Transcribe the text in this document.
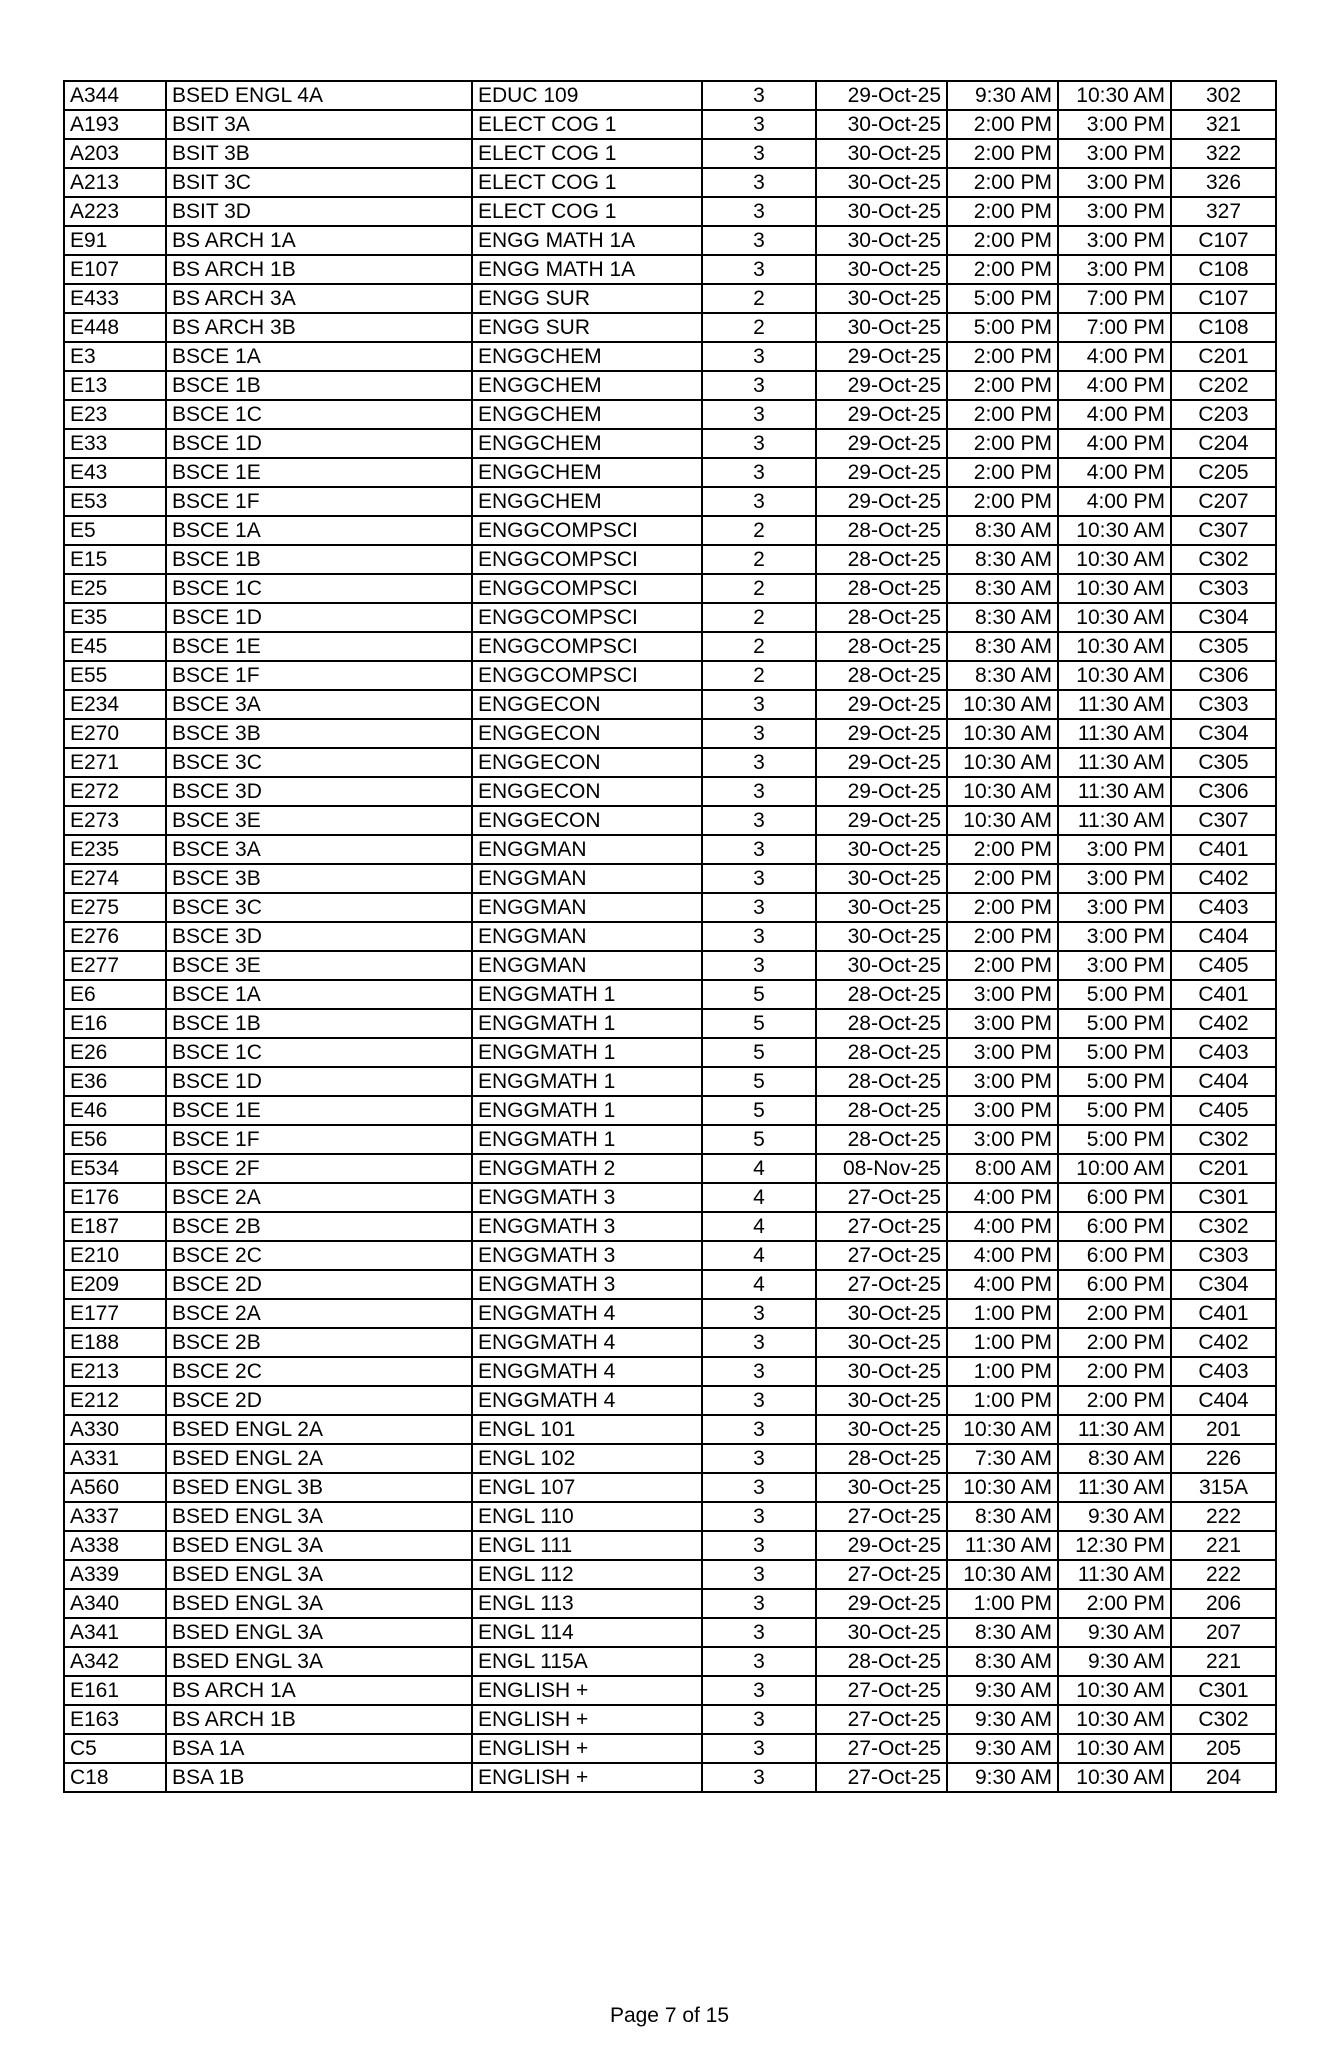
A344	BSED ENGL 4A	EDUC 109	3	29-Oct-25	9:30 AM	10:30 AM	302
A193	BSIT 3A	ELECT COG 1	3	30-Oct-25	2:00 PM	3:00 PM	321
A203	BSIT 3B	ELECT COG 1	3	30-Oct-25	2:00 PM	3:00 PM	322
A213	BSIT 3C	ELECT COG 1	3	30-Oct-25	2:00 PM	3:00 PM	326
A223	BSIT 3D	ELECT COG 1	3	30-Oct-25	2:00 PM	3:00 PM	327
E91	BS ARCH 1A	ENGG MATH 1A	3	30-Oct-25	2:00 PM	3:00 PM	C107
E107	BS ARCH 1B	ENGG MATH 1A	3	30-Oct-25	2:00 PM	3:00 PM	C108
E433	BS ARCH 3A	ENGG SUR	2	30-Oct-25	5:00 PM	7:00 PM	C107
E448	BS ARCH 3B	ENGG SUR	2	30-Oct-25	5:00 PM	7:00 PM	C108
E3	BSCE 1A	ENGGCHEM	3	29-Oct-25	2:00 PM	4:00 PM	C201
E13	BSCE 1B	ENGGCHEM	3	29-Oct-25	2:00 PM	4:00 PM	C202
E23	BSCE 1C	ENGGCHEM	3	29-Oct-25	2:00 PM	4:00 PM	C203
E33	BSCE 1D	ENGGCHEM	3	29-Oct-25	2:00 PM	4:00 PM	C204
E43	BSCE 1E	ENGGCHEM	3	29-Oct-25	2:00 PM	4:00 PM	C205
E53	BSCE 1F	ENGGCHEM	3	29-Oct-25	2:00 PM	4:00 PM	C207
E5	BSCE 1A	ENGGCOMPSCI	2	28-Oct-25	8:30 AM	10:30 AM	C307
E15	BSCE 1B	ENGGCOMPSCI	2	28-Oct-25	8:30 AM	10:30 AM	C302
E25	BSCE 1C	ENGGCOMPSCI	2	28-Oct-25	8:30 AM	10:30 AM	C303
E35	BSCE 1D	ENGGCOMPSCI	2	28-Oct-25	8:30 AM	10:30 AM	C304
E45	BSCE 1E	ENGGCOMPSCI	2	28-Oct-25	8:30 AM	10:30 AM	C305
E55	BSCE 1F	ENGGCOMPSCI	2	28-Oct-25	8:30 AM	10:30 AM	C306
E234	BSCE 3A	ENGGECON	3	29-Oct-25	10:30 AM	11:30 AM	C303
E270	BSCE 3B	ENGGECON	3	29-Oct-25	10:30 AM	11:30 AM	C304
E271	BSCE 3C	ENGGECON	3	29-Oct-25	10:30 AM	11:30 AM	C305
E272	BSCE 3D	ENGGECON	3	29-Oct-25	10:30 AM	11:30 AM	C306
E273	BSCE 3E	ENGGECON	3	29-Oct-25	10:30 AM	11:30 AM	C307
E235	BSCE 3A	ENGGMAN	3	30-Oct-25	2:00 PM	3:00 PM	C401
E274	BSCE 3B	ENGGMAN	3	30-Oct-25	2:00 PM	3:00 PM	C402
E275	BSCE 3C	ENGGMAN	3	30-Oct-25	2:00 PM	3:00 PM	C403
E276	BSCE 3D	ENGGMAN	3	30-Oct-25	2:00 PM	3:00 PM	C404
E277	BSCE 3E	ENGGMAN	3	30-Oct-25	2:00 PM	3:00 PM	C405
E6	BSCE 1A	ENGGMATH 1	5	28-Oct-25	3:00 PM	5:00 PM	C401
E16	BSCE 1B	ENGGMATH 1	5	28-Oct-25	3:00 PM	5:00 PM	C402
E26	BSCE 1C	ENGGMATH 1	5	28-Oct-25	3:00 PM	5:00 PM	C403
E36	BSCE 1D	ENGGMATH 1	5	28-Oct-25	3:00 PM	5:00 PM	C404
E46	BSCE 1E	ENGGMATH 1	5	28-Oct-25	3:00 PM	5:00 PM	C405
E56	BSCE 1F	ENGGMATH 1	5	28-Oct-25	3:00 PM	5:00 PM	C302
E534	BSCE 2F	ENGGMATH 2	4	08-Nov-25	8:00 AM	10:00 AM	C201
E176	BSCE 2A	ENGGMATH 3	4	27-Oct-25	4:00 PM	6:00 PM	C301
E187	BSCE 2B	ENGGMATH 3	4	27-Oct-25	4:00 PM	6:00 PM	C302
E210	BSCE 2C	ENGGMATH 3	4	27-Oct-25	4:00 PM	6:00 PM	C303
E209	BSCE 2D	ENGGMATH 3	4	27-Oct-25	4:00 PM	6:00 PM	C304
E177	BSCE 2A	ENGGMATH 4	3	30-Oct-25	1:00 PM	2:00 PM	C401
E188	BSCE 2B	ENGGMATH 4	3	30-Oct-25	1:00 PM	2:00 PM	C402
E213	BSCE 2C	ENGGMATH 4	3	30-Oct-25	1:00 PM	2:00 PM	C403
E212	BSCE 2D	ENGGMATH 4	3	30-Oct-25	1:00 PM	2:00 PM	C404
A330	BSED ENGL 2A	ENGL 101	3	30-Oct-25	10:30 AM	11:30 AM	201
A331	BSED ENGL 2A	ENGL 102	3	28-Oct-25	7:30 AM	8:30 AM	226
A560	BSED ENGL 3B	ENGL 107	3	30-Oct-25	10:30 AM	11:30 AM	315A
A337	BSED ENGL 3A	ENGL 110	3	27-Oct-25	8:30 AM	9:30 AM	222
A338	BSED ENGL 3A	ENGL 111	3	29-Oct-25	11:30 AM	12:30 PM	221
A339	BSED ENGL 3A	ENGL 112	3	27-Oct-25	10:30 AM	11:30 AM	222
A340	BSED ENGL 3A	ENGL 113	3	29-Oct-25	1:00 PM	2:00 PM	206
A341	BSED ENGL 3A	ENGL 114	3	30-Oct-25	8:30 AM	9:30 AM	207
A342	BSED ENGL 3A	ENGL 115A	3	28-Oct-25	8:30 AM	9:30 AM	221
E161	BS ARCH 1A	ENGLISH +	3	27-Oct-25	9:30 AM	10:30 AM	C301
E163	BS ARCH 1B	ENGLISH +	3	27-Oct-25	9:30 AM	10:30 AM	C302
C5	BSA 1A	ENGLISH +	3	27-Oct-25	9:30 AM	10:30 AM	205
C18	BSA 1B	ENGLISH +	3	27-Oct-25	9:30 AM	10:30 AM	204
Page 7 of 15
